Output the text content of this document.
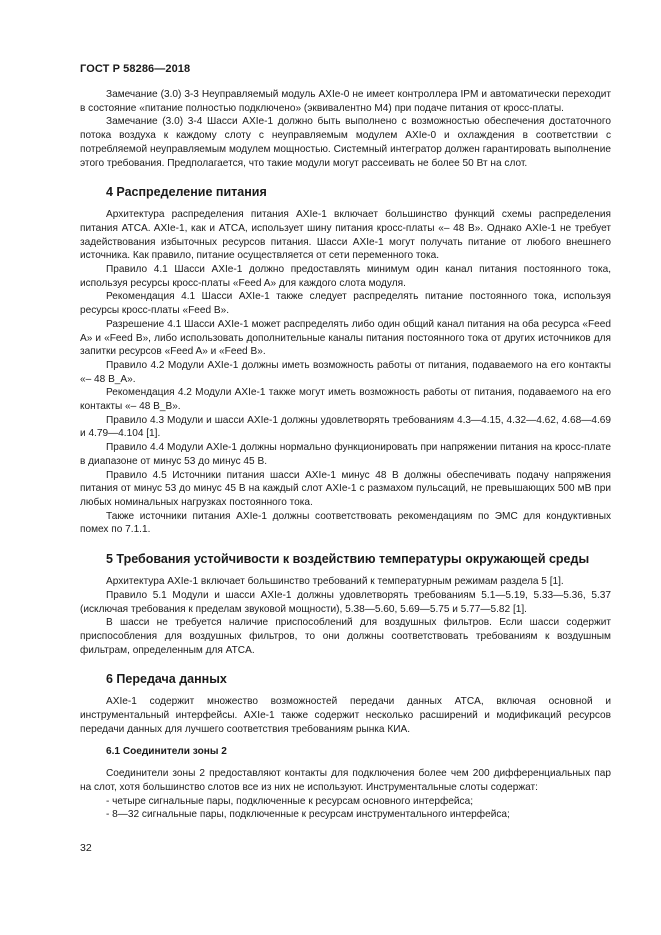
ГОСТ Р 58286—2018

Замечание (3.0) 3-3 Неуправляемый модуль AXIe-0 не имеет контроллера IPM и автоматически переходит в состояние «питание полностью подключено» (эквивалентно M4) при подаче питания от кросс-платы.

Замечание (3.0) 3-4 Шасси AXIe-1 должно быть выполнено с возможностью обеспечения достаточного потока воздуха к каждому слоту с неуправляемым модулем AXIe-0 и охлаждения в соответствии с потребляемой неуправляемым модулем мощностью. Системный интегратор должен гарантировать выполнение этого требования. Предполагается, что такие модули могут рассеивать не более 50 Вт на слот.

4 Распределение питания

Архитектура распределения питания AXIe-1 включает большинство функций схемы распределения питания ATCA. AXIe-1, как и ATCA, использует шину питания кросс-платы «– 48 В». Однако AXIe-1 не требует задействования избыточных ресурсов питания. Шасси AXIe-1 могут получать питание от любого внешнего источника. Как правило, питание осуществляется от сети переменного тока.

Правило 4.1 Шасси AXIe-1 должно предоставлять минимум один канал питания постоянного тока, используя ресурсы кросс-платы «Feed A» для каждого слота модуля.

Рекомендация 4.1 Шасси AXIe-1 также следует распределять питание постоянного тока, используя ресурсы кросс-платы «Feed B».

Разрешение 4.1 Шасси AXIe-1 может распределять либо один общий канал питания на оба ресурса «Feed A» и «Feed B», либо использовать дополнительные каналы питания постоянного тока от других источников для запитки ресурсов «Feed A» и «Feed B».

Правило 4.2 Модули AXIe-1 должны иметь возможность работы от питания, подаваемого на его контакты «– 48 B_A».

Рекомендация 4.2 Модули AXIe-1 также могут иметь возможность работы от питания, подаваемого на его контакты «– 48 B_B».

Правило 4.3 Модули и шасси AXIe-1 должны удовлетворять требованиям 4.3—4.15, 4.32—4.62, 4.68—4.69 и 4.79—4.104 [1].

Правило 4.4 Модули AXIe-1 должны нормально функционировать при напряжении питания на кросс-плате в диапазоне от минус 53 до минус 45 В.

Правило 4.5 Источники питания шасси AXIe-1 минус 48 В должны обеспечивать подачу напряжения питания от минус 53 до минус 45 В на каждый слот AXIe-1 с размахом пульсаций, не превышающих 500 мВ при любых номинальных нагрузках постоянного тока.

Также источники питания AXIe-1 должны соответствовать рекомендациям по ЭМС для кондуктивных помех по 7.1.1.

5 Требования устойчивости к воздействию температуры окружающей среды

Архитектура AXIe-1 включает большинство требований к температурным режимам раздела 5 [1].

Правило 5.1 Модули и шасси AXIe-1 должны удовлетворять требованиям 5.1—5.19, 5.33—5.36, 5.37 (исключая требования к пределам звуковой мощности), 5.38—5.60, 5.69—5.75 и 5.77—5.82 [1].

В шасси не требуется наличие приспособлений для воздушных фильтров. Если шасси содержит приспособления для воздушных фильтров, то они должны соответствовать требованиям к воздушным фильтрам, определенным для ATCA.

6 Передача данных

AXIe-1 содержит множество возможностей передачи данных ATCA, включая основной и инструментальный интерфейсы. AXIe-1 также содержит несколько расширений и модификаций ресурсов передачи данных для лучшего соответствия требованиям рынка КИА.

6.1 Соединители зоны 2

Соединители зоны 2 предоставляют контакты для подключения более чем 200 дифференциальных пар на слот, хотя большинство слотов все из них не используют. Инструментальные слоты содержат:

- четыре сигнальные пары, подключенные к ресурсам основного интерфейса;

- 8—32 сигнальные пары, подключенные к ресурсам инструментального интерфейса;

32
